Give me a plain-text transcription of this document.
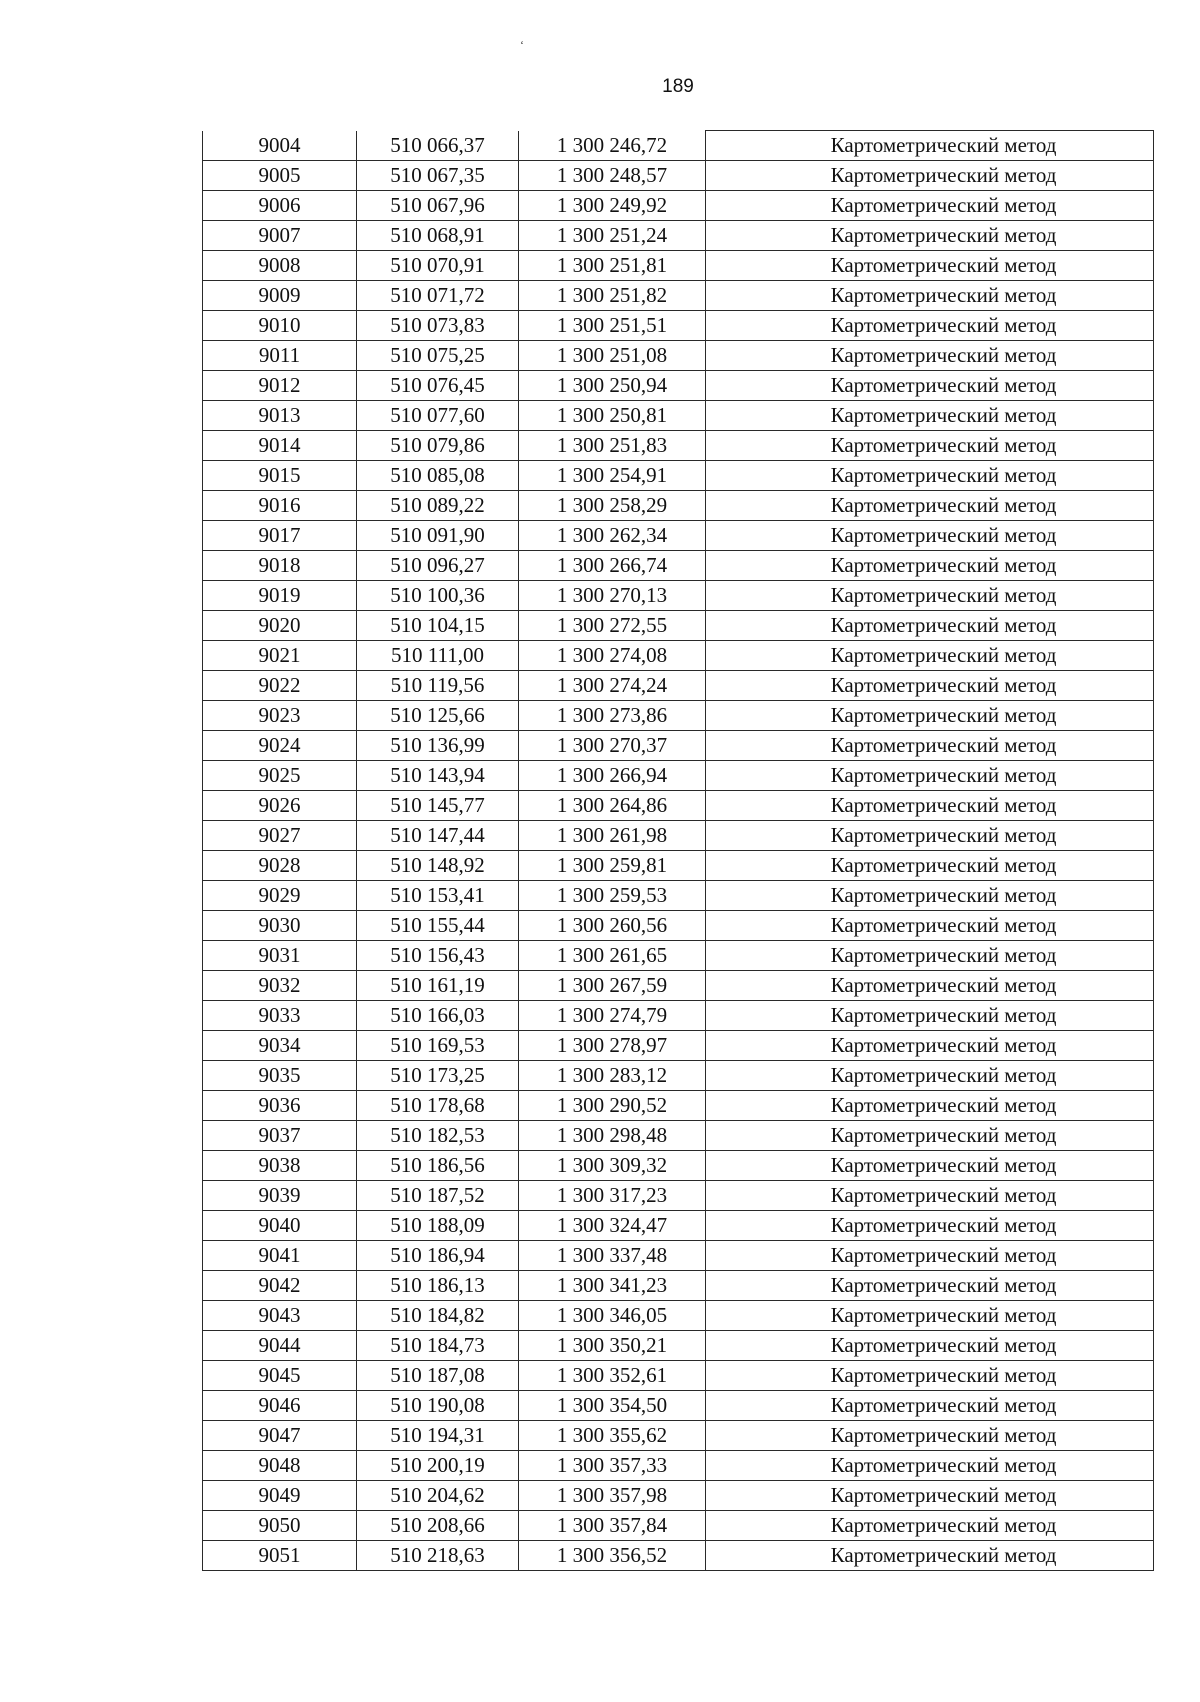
‘
189
9004	510 066,37	1 300 246,72	Картометрический метод
9005	510 067,35	1 300 248,57	Картометрический метод
9006	510 067,96	1 300 249,92	Картометрический метод
9007	510 068,91	1 300 251,24	Картометрический метод
9008	510 070,91	1 300 251,81	Картометрический метод
9009	510 071,72	1 300 251,82	Картометрический метод
9010	510 073,83	1 300 251,51	Картометрический метод
9011	510 075,25	1 300 251,08	Картометрический метод
9012	510 076,45	1 300 250,94	Картометрический метод
9013	510 077,60	1 300 250,81	Картометрический метод
9014	510 079,86	1 300 251,83	Картометрический метод
9015	510 085,08	1 300 254,91	Картометрический метод
9016	510 089,22	1 300 258,29	Картометрический метод
9017	510 091,90	1 300 262,34	Картометрический метод
9018	510 096,27	1 300 266,74	Картометрический метод
9019	510 100,36	1 300 270,13	Картометрический метод
9020	510 104,15	1 300 272,55	Картометрический метод
9021	510 111,00	1 300 274,08	Картометрический метод
9022	510 119,56	1 300 274,24	Картометрический метод
9023	510 125,66	1 300 273,86	Картометрический метод
9024	510 136,99	1 300 270,37	Картометрический метод
9025	510 143,94	1 300 266,94	Картометрический метод
9026	510 145,77	1 300 264,86	Картометрический метод
9027	510 147,44	1 300 261,98	Картометрический метод
9028	510 148,92	1 300 259,81	Картометрический метод
9029	510 153,41	1 300 259,53	Картометрический метод
9030	510 155,44	1 300 260,56	Картометрический метод
9031	510 156,43	1 300 261,65	Картометрический метод
9032	510 161,19	1 300 267,59	Картометрический метод
9033	510 166,03	1 300 274,79	Картометрический метод
9034	510 169,53	1 300 278,97	Картометрический метод
9035	510 173,25	1 300 283,12	Картометрический метод
9036	510 178,68	1 300 290,52	Картометрический метод
9037	510 182,53	1 300 298,48	Картометрический метод
9038	510 186,56	1 300 309,32	Картометрический метод
9039	510 187,52	1 300 317,23	Картометрический метод
9040	510 188,09	1 300 324,47	Картометрический метод
9041	510 186,94	1 300 337,48	Картометрический метод
9042	510 186,13	1 300 341,23	Картометрический метод
9043	510 184,82	1 300 346,05	Картометрический метод
9044	510 184,73	1 300 350,21	Картометрический метод
9045	510 187,08	1 300 352,61	Картометрический метод
9046	510 190,08	1 300 354,50	Картометрический метод
9047	510 194,31	1 300 355,62	Картометрический метод
9048	510 200,19	1 300 357,33	Картометрический метод
9049	510 204,62	1 300 357,98	Картометрический метод
9050	510 208,66	1 300 357,84	Картометрический метод
9051	510 218,63	1 300 356,52	Картометрический метод
